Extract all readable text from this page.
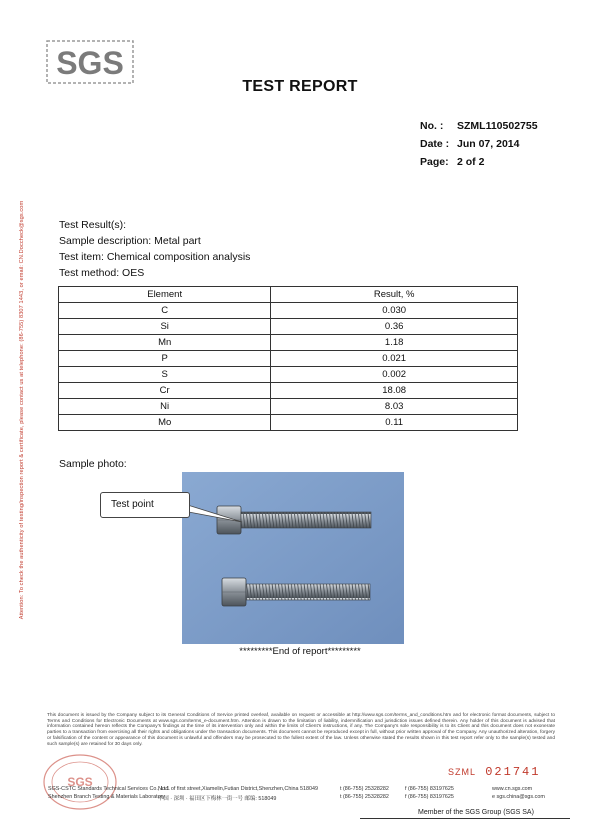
SGS
TEST REPORT
No. : SZML110502755
Date : Jun 07, 2014
Page: 2 of 2
Attention: To check the authenticity of testing/inspection report & certificate, please contact us at telephone: (86-755) 8307 1443, or email: CN.Doccheck@sgs.com	Test Result(s):
Sample description: Metal part
Test item: Chemical composition analysis
Test method: OES
Element	Result, %
C	0.030
Si	0.36
Mn	1.18
P	0.021
S	0.002
Cr	18.08
Ni	8.03
Mo	0.11
Sample photo:
Test point
*********End of report*********
This document is issued by the Company subject to its General Conditions of Service printed overleaf, available on request or accessible at http://www.sgs.com/terms_and_conditions.htm and for electronic format documents, subject to Terms and Conditions for Electronic Documents at www.sgs.com/terms_e-document.htm. Attention is drawn to the limitation of liability, indemnification and jurisdiction issues defined therein. Any holder of this document is advised that information contained hereon reflects the Company's findings at the time of its intervention only and within the limits of Client's instructions, if any. The Company's sole responsibility is to its Client and this document does not exonerate parties to a transaction from exercising all their rights and obligations under the transaction documents. This document cannot be reproduced except in full, without prior written approval of the Company. Any unauthorized alteration, forgery or falsification of the content or appearance of this document is unlawful and offenders may be prosecuted to the fullest extent of the law. Unless otherwise stated the results shown in this test report refer only to the sample(s) tested and such sample(s) are retained for 30 days only.
SGS
SGS-CSTC Standards Technical Services Co., Ltd.
Shenzhen Branch Testing & Materials Laboratory
No.1 of first street,Xiamelin,Futian District,Shenzhen,China 518049
中国 · 深圳 · 福田区下梅林一街一号 邮编: 518049
t (86-755) 25328282
t (86-755) 25328282
f (86-755) 83197625
f (86-755) 83197625
www.cn.sgs.com
e sgs.china@sgs.com
SZML 021741
Member of the SGS Group (SGS SA)
